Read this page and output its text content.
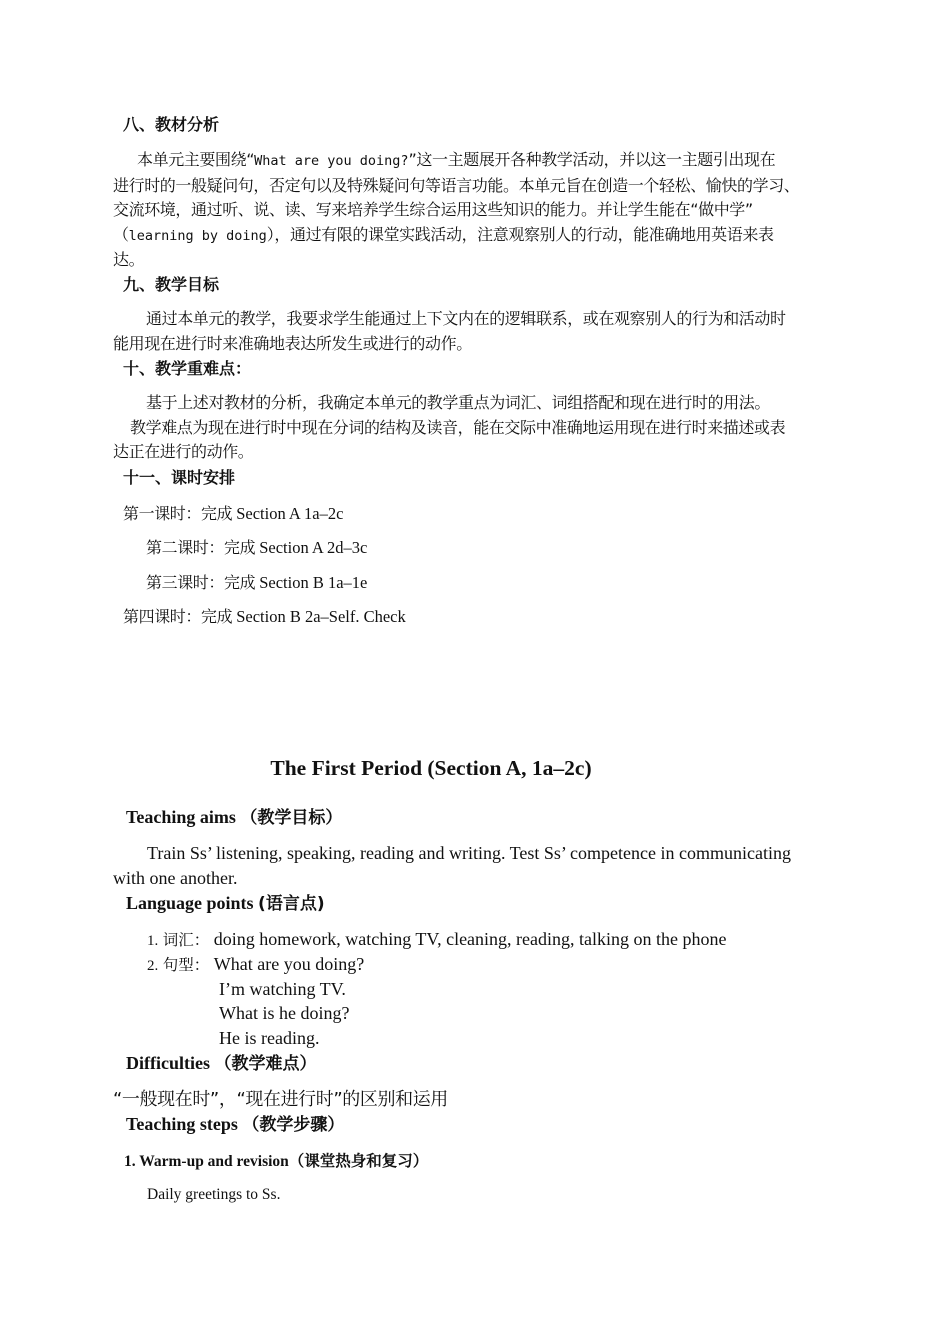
八、教材分析
本单元主要围绕“What are you doing?”这一主题展开各种教学活动，并以这一主题引出现在
进行时的一般疑问句，否定句以及特殊疑问句等语言功能。本单元旨在创造一个轻松、愉快的学习、
交流环境，通过听、说、读、写来培养学生综合运用这些知识的能力。并让学生能在“做中学”
（learning by doing），通过有限的课堂实践活动，注意观察别人的行动，能准确地用英语来表
达。
九、教学目标
通过本单元的教学，我要求学生能通过上下文内在的逻辑联系，或在观察别人的行为和活动时
能用现在进行时来准确地表达所发生或进行的动作。
十、教学重难点：
基于上述对教材的分析，我确定本单元的教学重点为词汇、词组搭配和现在进行时的用法。
教学难点为现在进行时中现在分词的结构及读音，能在交际中准确地运用现在进行时来描述或表
达正在进行的动作。
十一、课时安排
第一课时：完成 Section A 1a–2c
第二课时：完成 Section A 2d–3c
第三课时：完成 Section B 1a–1e
第四课时：完成 Section B 2a–Self. Check
The First Period (Section A, 1a–2c)
Teaching aims （教学目标）
Train Ss’ listening, speaking, reading and writing. Test Ss’ competence in communicating
with one another.
Language points (语言点)
1. 词汇： doing homework, watching TV, cleaning, reading, talking on the phone
2. 句型： What are you doing?
I’m watching TV.
What is he doing?
He is reading.
Difficulties （教学难点）
“一般现在时”，“现在进行时”的区别和运用
Teaching steps （教学步骤）
1. Warm-up and revision（课堂热身和复习）
Daily greetings to Ss.
